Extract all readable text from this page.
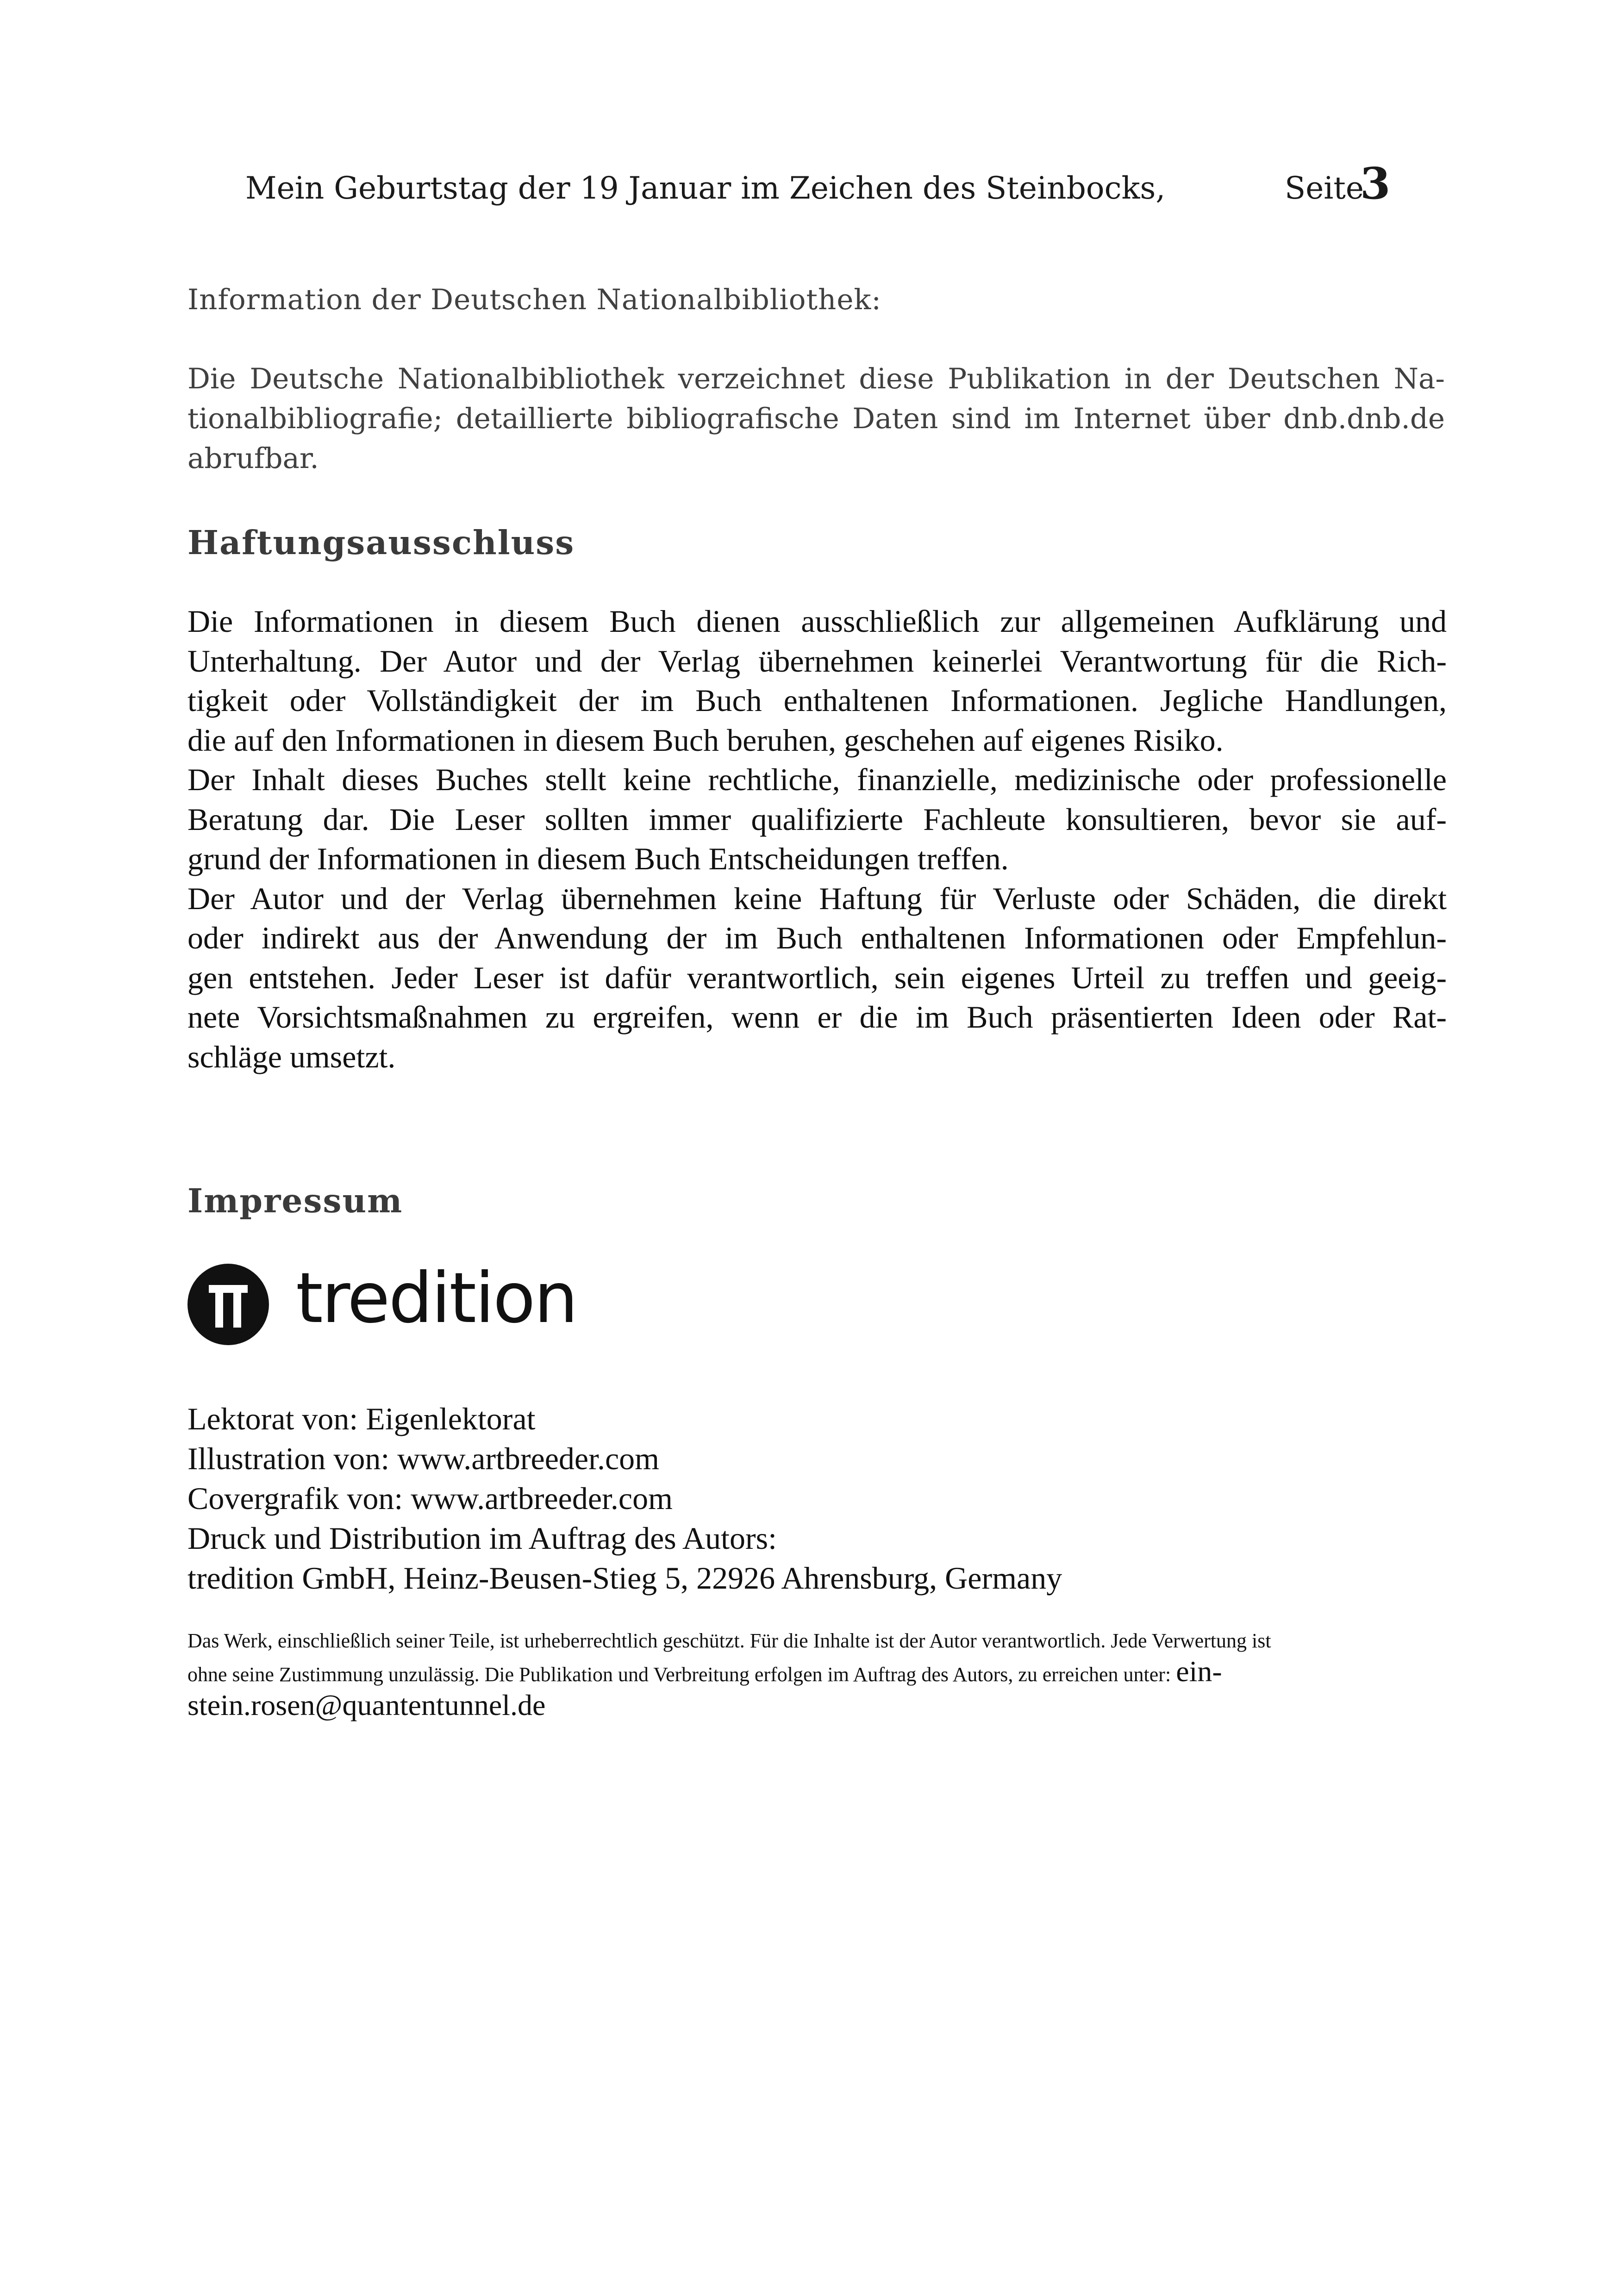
Mein Geburtstag der 19 Januar im Zeichen des Steinbocks,	Seite
3
Information der Deutschen Nationalbibliothek:
Die Deutsche Nationalbibliothek verzeichnet diese Publikation in der Deutschen Na-
tionalbibliografie; detaillierte bibliografische Daten sind im Internet über dnb.dnb.de
abrufbar.
Haftungsausschluss
Die Informationen in diesem Buch dienen ausschließlich zur allgemeinen Aufklärung und
Unterhaltung. Der Autor und der Verlag übernehmen keinerlei Verantwortung für die Rich-
tigkeit oder Vollständigkeit der im Buch enthaltenen Informationen. Jegliche Handlungen,
die auf den Informationen in diesem Buch beruhen, geschehen auf eigenes Risiko.
Der Inhalt dieses Buches stellt keine rechtliche, finanzielle, medizinische oder professionelle
Beratung dar. Die Leser sollten immer qualifizierte Fachleute konsultieren, bevor sie auf-
grund der Informationen in diesem Buch Entscheidungen treffen.
Der Autor und der Verlag übernehmen keine Haftung für Verluste oder Schäden, die direkt
oder indirekt aus der Anwendung der im Buch enthaltenen Informationen oder Empfehlun-
gen entstehen. Jeder Leser ist dafür verantwortlich, sein eigenes Urteil zu treffen und geeig-
nete Vorsichtsmaßnahmen zu ergreifen, wenn er die im Buch präsentierten Ideen oder Rat-
schläge umsetzt.
Impressum
tredition
Lektorat von: Eigenlektorat
Illustration von: www.artbreeder.com
Covergrafik von: www.artbreeder.com
Druck und Distribution im Auftrag des Autors:
tredition GmbH, Heinz-Beusen-Stieg 5, 22926 Ahrensburg, Germany
Das Werk, einschließlich seiner Teile, ist urheberrechtlich geschützt. Für die Inhalte ist der Autor verantwortlich. Jede Verwertung ist
ohne seine Zustimmung unzulässig. Die Publikation und Verbreitung erfolgen im Auftrag des Autors, zu erreichen unter: ein-
stein.rosen@quantentunnel.de
